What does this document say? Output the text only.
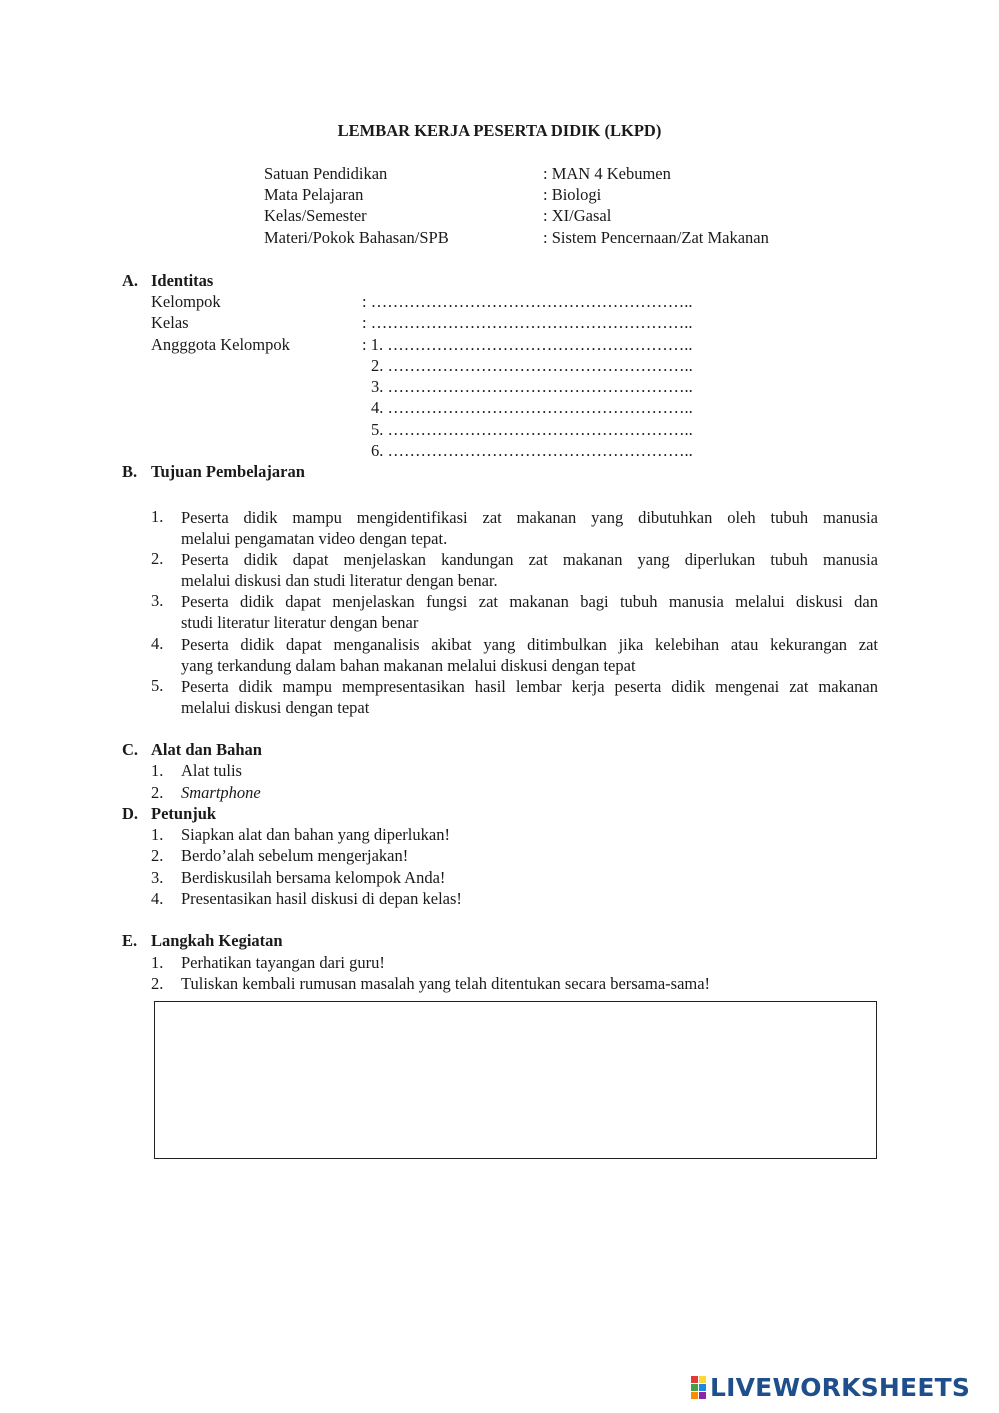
LEMBAR KERJA PESERTA DIDIK (LKPD)
Satuan Pendidikan	: MAN 4 Kebumen
Mata Pelajaran	: Biologi
Kelas/Semester	: XI/Gasal
Materi/Pokok Bahasan/SPB	: Sistem Pencernaan/Zat Makanan
A. Identitas
Kelompok	: …………………………………………………..
Kelas	: …………………………………………………..
Angggota Kelompok	: 1. ………………………………………………..
2. ………………………………………………..
3. ………………………………………………..
4. ………………………………………………..
5. ………………………………………………..
6. ………………………………………………..
B. Tujuan Pembelajaran
1. Peserta didik mampu mengidentifikasi zat makanan yang dibutuhkan oleh tubuh manusia
melalui pengamatan video dengan tepat.
2. Peserta didik dapat menjelaskan kandungan zat makanan yang diperlukan tubuh manusia
melalui diskusi dan studi literatur dengan benar.
3. Peserta didik dapat menjelaskan fungsi zat makanan bagi tubuh manusia melalui diskusi dan
studi literatur literatur dengan benar
4. Peserta didik dapat menganalisis akibat yang ditimbulkan jika kelebihan atau kekurangan zat
yang terkandung dalam bahan makanan melalui diskusi dengan tepat
5. Peserta didik mampu mempresentasikan hasil lembar kerja peserta didik mengenai zat makanan
melalui diskusi dengan tepat
C. Alat dan Bahan
1. Alat tulis
2. Smartphone
D. Petunjuk
1. Siapkan alat dan bahan yang diperlukan!
2. Berdo’alah sebelum mengerjakan!
3. Berdiskusilah bersama kelompok Anda!
4. Presentasikan hasil diskusi di depan kelas!
E. Langkah Kegiatan
1. Perhatikan tayangan dari guru!
2. Tuliskan kembali rumusan masalah yang telah ditentukan secara bersama-sama!
LIVEWORKSHEETS
